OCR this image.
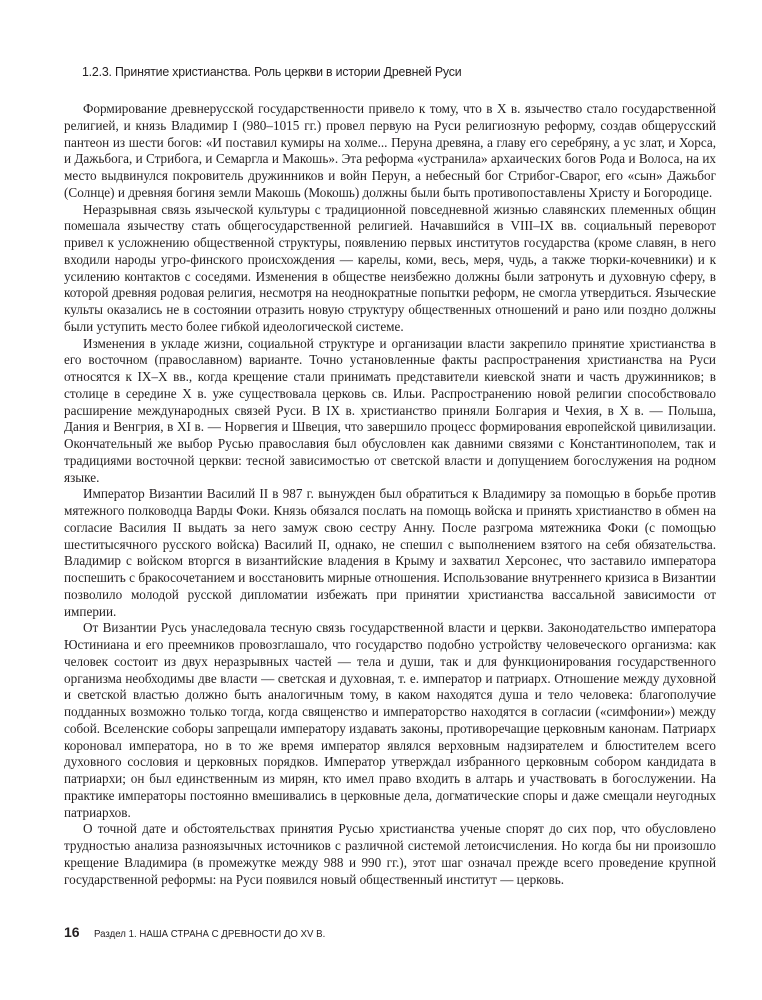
1.2.3. Принятие христианства. Роль церкви в истории Древней Руси

Формирование древнерусской государственности привело к тому, что в X в. язычество стало государственной религией, и князь Владимир I (980–1015 гг.) провел первую на Руси религиозную реформу, создав общерусский пантеон из шести богов: «И поставил кумиры на холме... Перуна древяна, а главу его серебряну, а ус злат, и Хорса, и Дажьбога, и Стрибога, и Семаргла и Макошь». Эта реформа «устранила» архаических богов Рода и Волоса, на их место выдвинулся покровитель дружинников и войн Перун, а небесный бог Стрибог-Сварог, его «сын» Дажьбог (Солнце) и древняя богиня земли Макошь (Мокошь) должны были быть противопоставлены Христу и Богородице.

Неразрывная связь языческой культуры с традиционной повседневной жизнью славянских племенных общин помешала язычеству стать общегосударственной религией. Начавшийся в VIII–IX вв. социальный переворот привел к усложнению общественной структуры, появлению первых институтов государства (кроме славян, в него входили народы угро-финского происхождения — карелы, коми, весь, меря, чудь, а также тюрки-кочевники) и к усилению контактов с соседями. Изменения в обществе неизбежно должны были затронуть и духовную сферу, в которой древняя родовая религия, несмотря на неоднократные попытки реформ, не смогла утвердиться. Языческие культы оказались не в состоянии отразить новую структуру общественных отношений и рано или поздно должны были уступить место более гибкой идеологической системе.

Изменения в укладе жизни, социальной структуре и организации власти закрепило принятие христианства в его восточном (православном) варианте. Точно установленные факты распространения христианства на Руси относятся к IX–X вв., когда крещение стали принимать представители киевской знати и часть дружинников; в столице в середине X в. уже существовала церковь св. Ильи. Распространению новой религии способствовало расширение международных связей Руси. В IX в. христианство приняли Болгария и Чехия, в X в. — Польша, Дания и Венгрия, в XI в. — Норвегия и Швеция, что завершило процесс формирования европейской цивилизации. Окончательный же выбор Русью православия был обусловлен как давними связями с Константинополем, так и традициями восточной церкви: тесной зависимостью от светской власти и допущением богослужения на родном языке.

Император Византии Василий II в 987 г. вынужден был обратиться к Владимиру за помощью в борьбе против мятежного полководца Варды Фоки. Князь обязался послать на помощь войска и принять христианство в обмен на согласие Василия II выдать за него замуж свою сестру Анну. После разгрома мятежника Фоки (с помощью шеститысячного русского войска) Василий II, однако, не спешил с выполнением взятого на себя обязательства. Владимир с войском вторгся в византийские владения в Крыму и захватил Херсонес, что заставило императора поспешить с бракосочетанием и восстановить мирные отношения. Использование внутреннего кризиса в Византии позволило молодой русской дипломатии избежать при принятии христианства вассальной зависимости от империи.

От Византии Русь унаследовала тесную связь государственной власти и церкви. Законодательство императора Юстиниана и его преемников провозглашало, что государство подобно устройству человеческого организма: как человек состоит из двух неразрывных частей — тела и души, так и для функционирования государственного организма необходимы две власти — светская и духовная, т. е. император и патриарх. Отношение между духовной и светской властью должно быть аналогичным тому, в каком находятся душа и тело человека: благополучие подданных возможно только тогда, когда священство и императорство находятся в согласии («симфонии») между собой. Вселенские соборы запрещали императору издавать законы, противоречащие церковным канонам. Патриарх короновал императора, но в то же время император являлся верховным надзирателем и блюстителем всего духовного сословия и церковных порядков. Император утверждал избранного церковным собором кандидата в патриархи; он был единственным из мирян, кто имел право входить в алтарь и участвовать в богослужении. На практике императоры постоянно вмешивались в церковные дела, догматические споры и даже смещали неугодных патриархов.

О точной дате и обстоятельствах принятия Русью христианства ученые спорят до сих пор, что обусловлено трудностью анализа разноязычных источников с различной системой летоисчисления. Но когда бы ни произошло крещение Владимира (в промежутке между 988 и 990 гг.), этот шаг означал прежде всего проведение крупной государственной реформы: на Руси появился новый общественный институт — церковь.

16 Раздел 1. НАША СТРАНА С ДРЕВНОСТИ ДО XV В.
